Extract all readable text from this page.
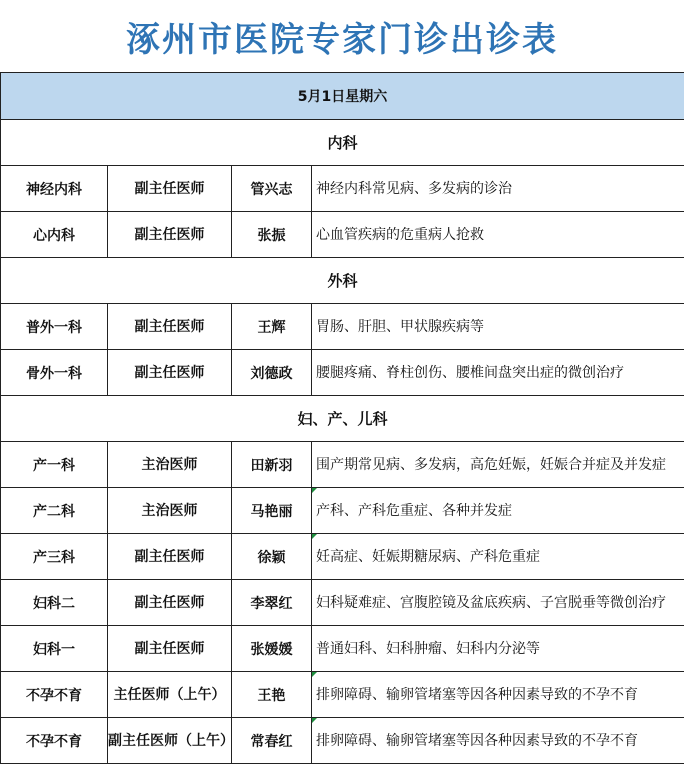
涿州市医院专家门诊出诊表
5月1日星期六			
内科			
神经内科	副主任医师	管兴志	神经内科常见病、多发病的诊治
心内科	副主任医师	张振	心血管疾病的危重病人抢救
外科			
普外一科	副主任医师	王辉	胃肠、肝胆、甲状腺疾病等
骨外一科	副主任医师	刘德政	腰腿疼痛、脊柱创伤、腰椎间盘突出症的微创治疗
妇、产、儿科			
产一科	主治医师	田新羽	围产期常见病、多发病，高危妊娠，妊娠合并症及并发症
产二科	主治医师	马艳丽	产科、产科危重症、各种并发症
产三科	副主任医师	徐颖	妊高症、妊娠期糖尿病、产科危重症
妇科二	副主任医师	李翠红	妇科疑难症、宫腹腔镜及盆底疾病、子宫脱垂等微创治疗
妇科一	副主任医师	张媛媛	普通妇科、妇科肿瘤、妇科内分泌等
不孕不育	主任医师（上午）	王艳	排卵障碍、输卵管堵塞等因各种因素导致的不孕不育
不孕不育	副主任医师（上午）	常春红	排卵障碍、输卵管堵塞等因各种因素导致的不孕不育
